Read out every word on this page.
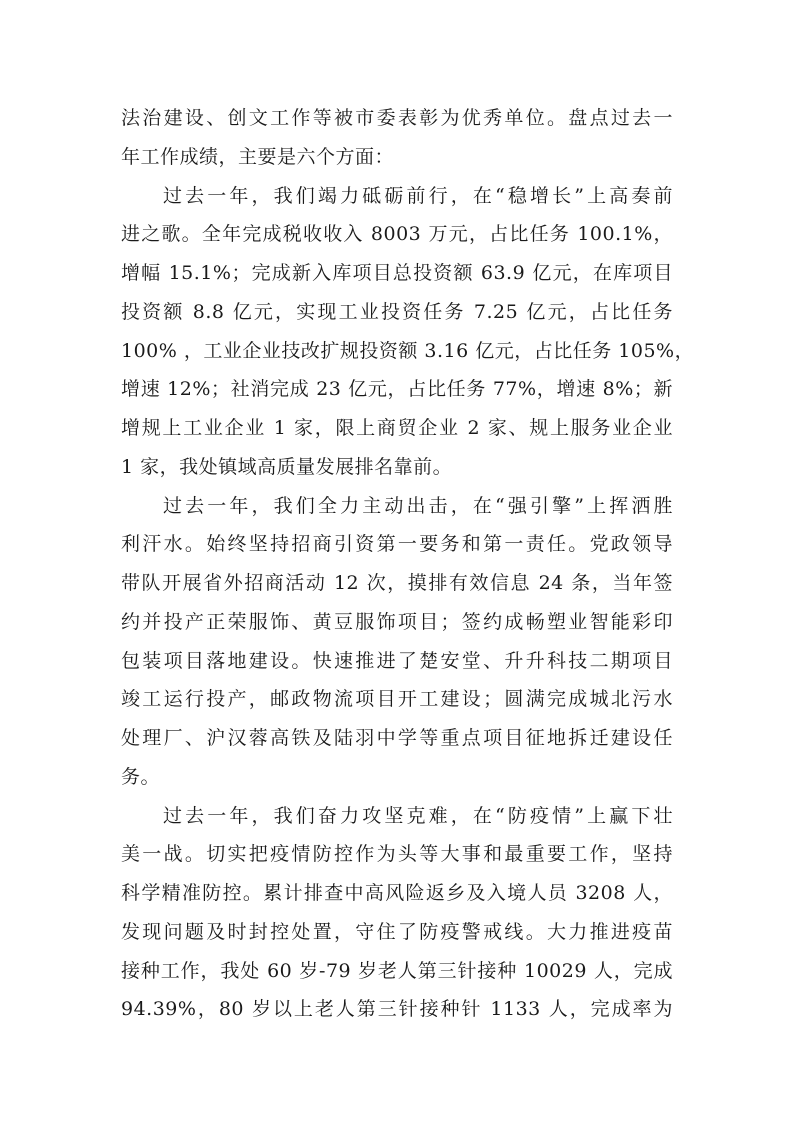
法治建设、创文工作等被市委表彰为优秀单位。盘点过去一
年工作成绩，主要是六个方面：
过去一年，我们竭力砥砺前行，在“稳增长”上高奏前
进之歌。全年完成税收收入 8003 万元，占比任务 100.1%，
增幅 15.1%；完成新入库项目总投资额 63.9 亿元，在库项目
投资额 8.8 亿元，实现工业投资任务 7.25 亿元，占比任务
100% ，工业企业技改扩规投资额 3.16 亿元，占比任务 105%，
增速 12%；社消完成 23 亿元，占比任务 77%，增速 8%；新
增规上工业企业 1 家，限上商贸企业 2 家、规上服务业企业
1 家，我处镇域高质量发展排名靠前。
过去一年，我们全力主动出击，在“强引擎”上挥洒胜
利汗水。始终坚持招商引资第一要务和第一责任。党政领导
带队开展省外招商活动 12 次，摸排有效信息 24 条，当年签
约并投产正荣服饰、黄豆服饰项目；签约成畅塑业智能彩印
包装项目落地建设。快速推进了楚安堂、升升科技二期项目
竣工运行投产，邮政物流项目开工建设；圆满完成城北污水
处理厂、沪汉蓉高铁及陆羽中学等重点项目征地拆迁建设任
务。
过去一年，我们奋力攻坚克难，在“防疫情”上赢下壮
美一战。切实把疫情防控作为头等大事和最重要工作，坚持
科学精准防控。累计排查中高风险返乡及入境人员 3208 人，
发现问题及时封控处置，守住了防疫警戒线。大力推进疫苗
接种工作，我处 60 岁-79 岁老人第三针接种 10029 人，完成
94.39%，80 岁以上老人第三针接种针 1133 人，完成率为
